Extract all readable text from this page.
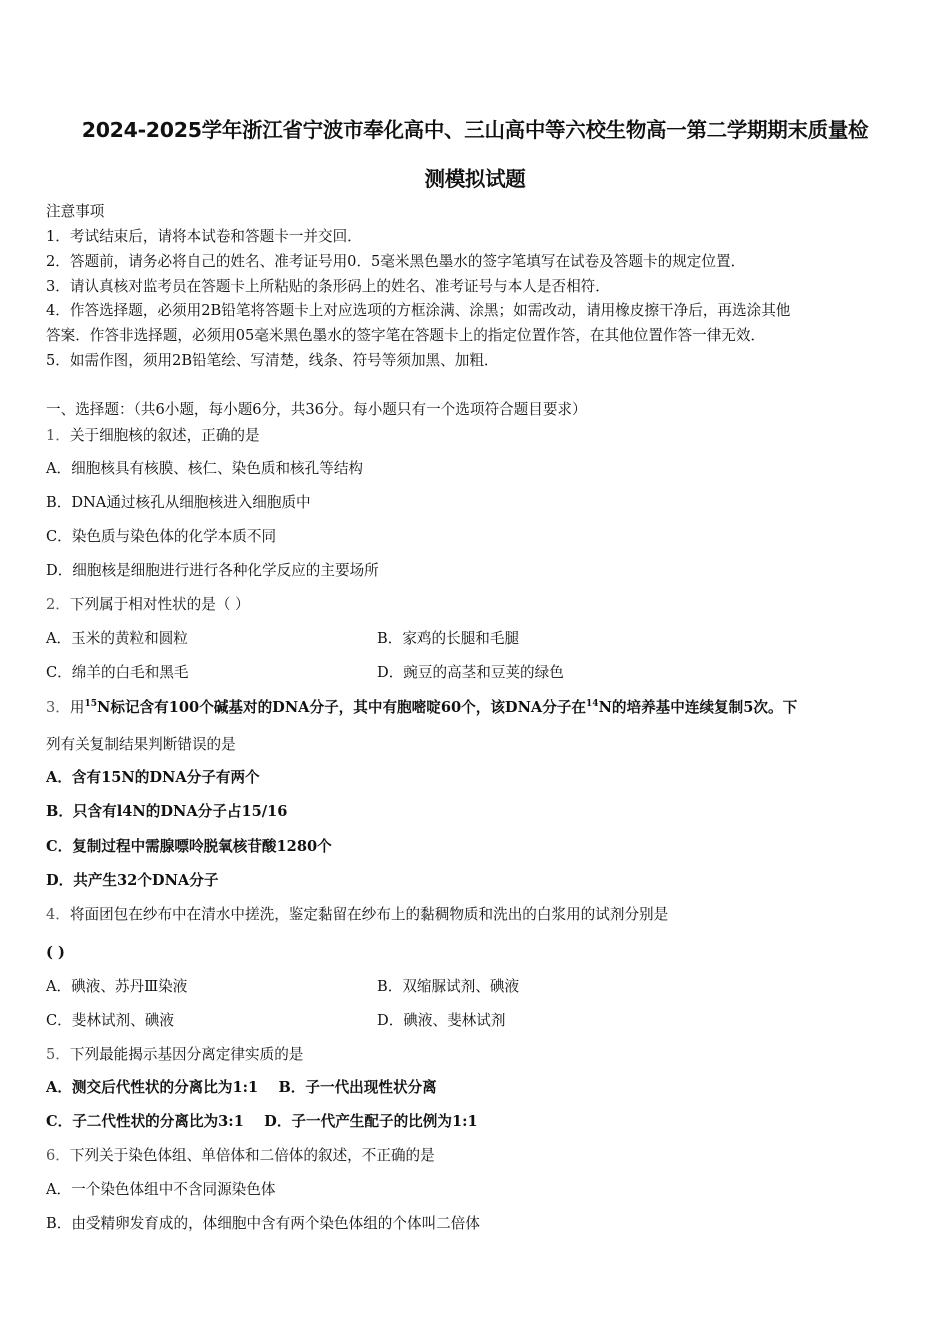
2024-2025学年浙江省宁波市奉化高中、三山高中等六校生物高一第二学期期末质量检
测模拟试题
注意事项
1．考试结束后，请将本试卷和答题卡一并交回．
2．答题前，请务必将自己的姓名、准考证号用0．5毫米黑色墨水的签字笔填写在试卷及答题卡的规定位置．
3．请认真核对监考员在答题卡上所粘贴的条形码上的姓名、准考证号与本人是否相符．
4．作答选择题，必须用2B铅笔将答题卡上对应选项的方框涂满、涂黑；如需改动，请用橡皮擦干净后，再选涂其他
答案．作答非选择题，必须用05毫米黑色墨水的签字笔在答题卡上的指定位置作答，在其他位置作答一律无效．
5．如需作图，须用2B铅笔绘、写清楚，线条、符号等须加黑、加粗．
一、选择题：（共6小题，每小题6分，共36分。每小题只有一个选项符合题目要求）
1．关于细胞核的叙述，正确的是
A．细胞核具有核膜、核仁、染色质和核孔等结构
B．DNA通过核孔从细胞核进入细胞质中
C．染色质与染色体的化学本质不同
D．细胞核是细胞进行进行各种化学反应的主要场所
2．下列属于相对性状的是（ ）
A．玉米的黄粒和圆粒	B．家鸡的长腿和毛腿
C．绵羊的白毛和黑毛	D．豌豆的高茎和豆荚的绿色
3．用$^{15}$N标记含有100个碱基对的DNA分子，其中有胞嘧啶60个，该DNA分子在$^{14}$N的培养基中连续复制5次。下
列有关复制结果判断错误的是
A．含有15N的DNA分子有两个
B．只含有l4N的DNA分子占15/16
C．复制过程中需腺嘌呤脱氧核苷酸1280个
D．共产生32个DNA分子
4．将面团包在纱布中在清水中搓洗，鉴定黏留在纱布上的黏稠物质和洗出的白浆用的试剂分别是
( )
A．碘液、苏丹Ⅲ染液	B．双缩脲试剂、碘液
C．斐林试剂、碘液	D．碘液、斐林试剂
5．下列最能揭示基因分离定律实质的是
A．测交后代性状的分离比为1:1    B．子一代出现性状分离
C．子二代性状的分离比为3:1    D．子一代产生配子的比例为1:1
6．下列关于染色体组、单倍体和二倍体的叙述，不正确的是
A．一个染色体组中不含同源染色体
B．由受精卵发育成的，体细胞中含有两个染色体组的个体叫二倍体
